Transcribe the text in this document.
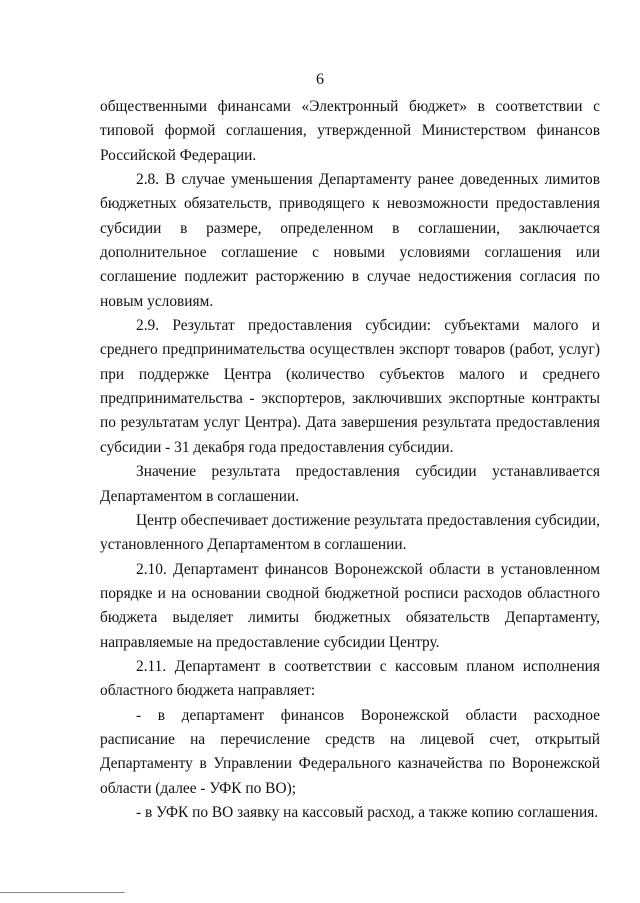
6

общественными финансами «Электронный бюджет» в соответствии с типовой формой соглашения, утвержденной Министерством финансов Российской Федерации.

2.8. В случае уменьшения Департаменту ранее доведенных лимитов бюджетных обязательств, приводящего к невозможности предоставления субсидии в размере, определенном в соглашении, заключается дополнительное соглашение с новыми условиями соглашения или соглашение подлежит расторжению в случае недостижения согласия по новым условиям.

2.9. Результат предоставления субсидии: субъектами малого и среднего предпринимательства осуществлен экспорт товаров (работ, услуг) при поддержке Центра (количество субъектов малого и среднего предпринимательства - экспортеров, заключивших экспортные контракты по результатам услуг Центра). Дата завершения результата предоставления субсидии - 31 декабря года предоставления субсидии.

Значение результата предоставления субсидии устанавливается Департаментом в соглашении.

Центр обеспечивает достижение результата предоставления субсидии, установленного Департаментом в соглашении.

2.10. Департамент финансов Воронежской области в установленном порядке и на основании сводной бюджетной росписи расходов областного бюджета выделяет лимиты бюджетных обязательств Департаменту, направляемые на предоставление субсидии Центру.

2.11. Департамент в соответствии с кассовым планом исполнения областного бюджета направляет:

- в департамент финансов Воронежской области расходное расписание на перечисление средств на лицевой счет, открытый Департаменту в Управлении Федерального казначейства по Воронежской области (далее - УФК по ВО);

- в УФК по ВО заявку на кассовый расход, а также копию соглашения.
